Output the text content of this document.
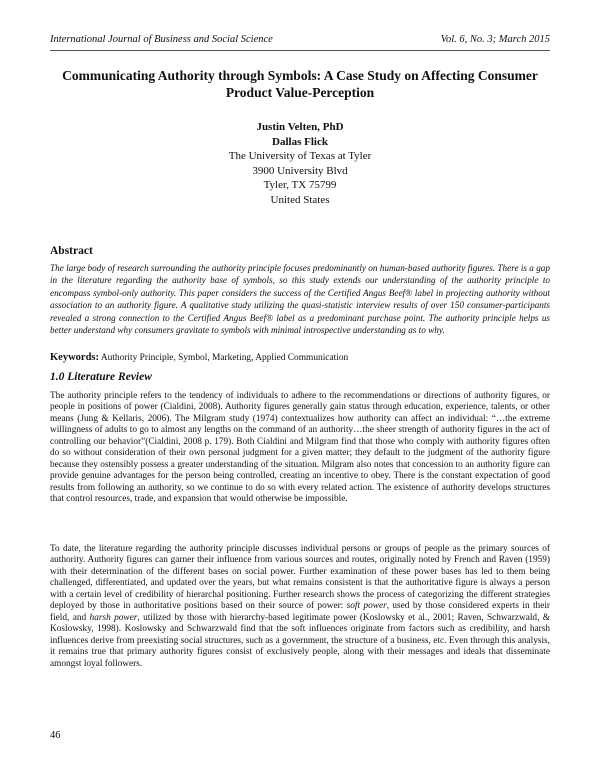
International Journal of Business and Social Science	Vol. 6, No. 3; March 2015
Communicating Authority through Symbols: A Case Study on Affecting Consumer
Product Value-Perception
Justin Velten, PhD
Dallas Flick
The University of Texas at Tyler
3900 University Blvd
Tyler, TX 75799
United States
Abstract
The large body of research surrounding the authority principle focuses predominantly on human-based authority figures. There is a gap in the literature regarding the authority base of symbols, so this study extends our understanding of the authority principle to encompass symbol-only authority. This paper considers the success of the Certified Angus Beef® label in projecting authority without association to an authority figure. A qualitative study utilizing the quasi-statistic interview results of over 150 consumer-participants revealed a strong connection to the Certified Angus Beef® label as a predominant purchase point. The authority principle helps us better understand why consumers gravitate to symbols with minimal introspective understanding as to why.
Keywords: Authority Principle, Symbol, Marketing, Applied Communication
1.0 Literature Review
The authority principle refers to the tendency of individuals to adhere to the recommendations or directions of authority figures, or people in positions of power (Cialdini, 2008). Authority figures generally gain status through education, experience, talents, or other means (Jung & Kellaris, 2006). The Milgram study (1974) contextualizes how authority can affect an individual: “…the extreme willingness of adults to go to almost any lengths on the command of an authority…the sheer strength of authority figures in the act of controlling our behavior”(Cialdini, 2008 p. 179). Both Cialdini and Milgram find that those who comply with authority figures often do so without consideration of their own personal judgment for a given matter; they default to the judgment of the authority figure because they ostensibly possess a greater understanding of the situation. Milgram also notes that concession to an authority figure can provide genuine advantages for the person being controlled, creating an incentive to obey. There is the constant expectation of good results from following an authority, so we continue to do so with every related action. The existence of authority develops structures that control resources, trade, and expansion that would otherwise be impossible.
To date, the literature regarding the authority principle discusses individual persons or groups of people as the primary sources of authority. Authority figures can garner their influence from various sources and routes, originally noted by French and Raven (1959) with their determination of the different bases on social power. Further examination of these power bases has led to them being challenged, differentiated, and updated over the years, but what remains consistent is that the authoritative figure is always a person with a certain level of credibility of hierarchal positioning. Further research shows the process of categorizing the different strategies deployed by those in authoritative positions based on their source of power: soft power, used by those considered experts in their field, and harsh power, utilized by those with hierarchy-based legitimate power (Koslowsky et al., 2001; Raven, Schwarzwald, & Koslowsky, 1998). Koslowsky and Schwarzwald find that the soft influences originate from factors such as credibility, and harsh influences derive from preexisting social structures, such as a government, the structure of a business, etc. Even through this analysis, it remains true that primary authority figures consist of exclusively people, along with their messages and ideals that disseminate amongst loyal followers.
46
